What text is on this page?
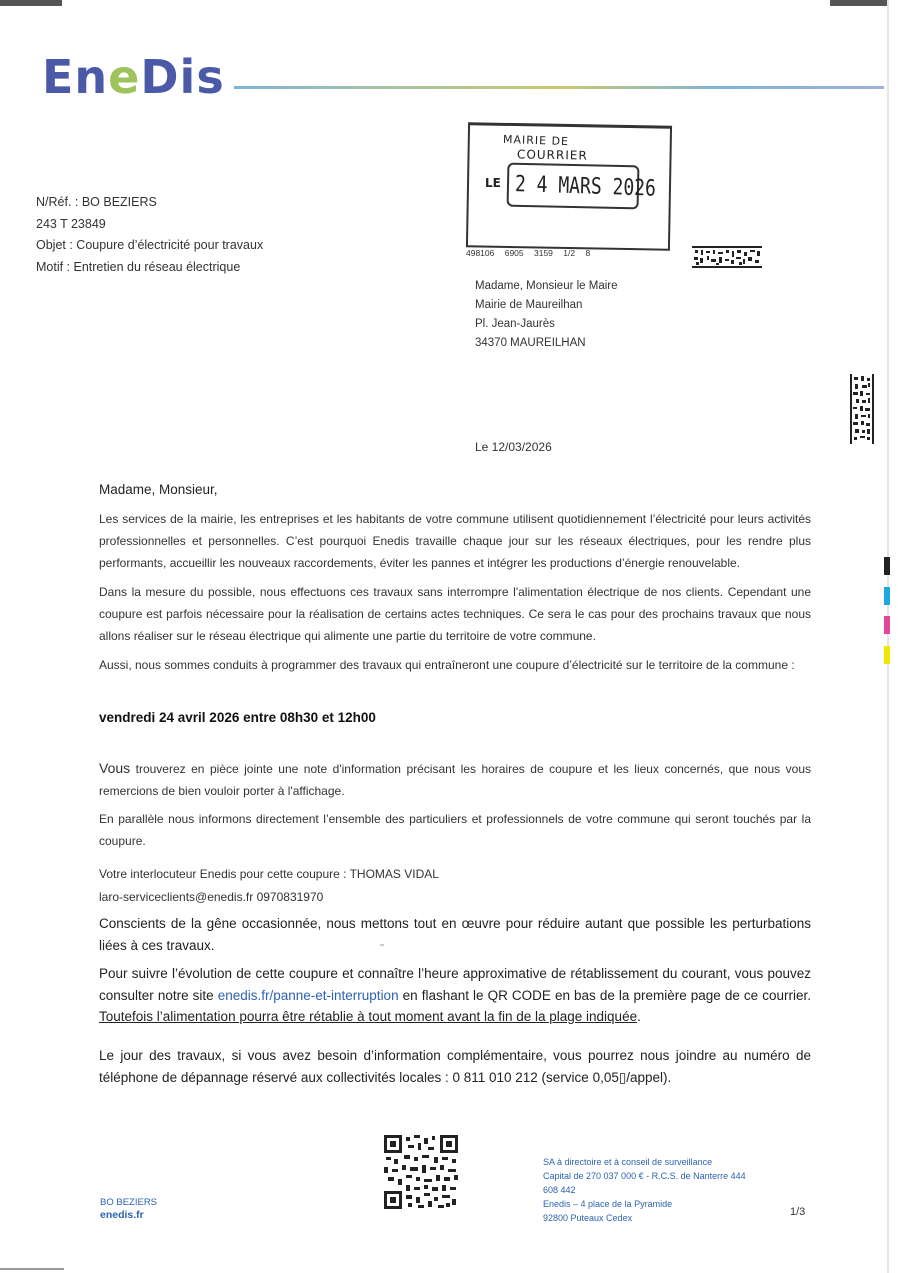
EneDis
N/Réf. : BO BEZIERS
243 T 23849
Objet : Coupure d’électricité pour travaux
Motif : Entretien du réseau électrique
MAIRIE DE
COURRIER
LE 2 4 MARS 2026
498106 6905 3159 1/2 8
Madame, Monsieur le Maire
Mairie de Maureilhan
Pl. Jean-Jaurès
34370 MAUREILHAN
Le 12/03/2026
Madame, Monsieur,
Les services de la mairie, les entreprises et les habitants de votre commune utilisent quotidiennement l’électricité pour leurs activités professionnelles et personnelles. C’est pourquoi Enedis travaille chaque jour sur les réseaux électriques, pour les rendre plus performants, accueillir les nouveaux raccordements, éviter les pannes et intégrer les productions d’énergie renouvelable.
Dans la mesure du possible, nous effectuons ces travaux sans interrompre l'alimentation électrique de nos clients. Cependant une coupure est parfois nécessaire pour la réalisation de certains actes techniques. Ce sera le cas pour des prochains travaux que nous allons réaliser sur le réseau électrique qui alimente une partie du territoire de votre commune.
Aussi, nous sommes conduits à programmer des travaux qui entraîneront une coupure d’électricité sur le territoire de la commune :
vendredi 24 avril 2026 entre 08h30 et 12h00
Vous trouverez en pièce jointe une note d'information précisant les horaires de coupure et les lieux concernés, que nous vous remercions de bien vouloir porter à l'affichage.
En parallèle nous informons directement l’ensemble des particuliers et professionnels de votre commune qui seront touchés par la coupure.
Votre interlocuteur Enedis pour cette coupure : THOMAS VIDAL
laro-serviceclients@enedis.fr 0970831970
Conscients de la gêne occasionnée, nous mettons tout en œuvre pour réduire autant que possible les perturbations liées à ces travaux.
Pour suivre l’évolution de cette coupure et connaître l’heure approximative de rétablissement du courant, vous pouvez consulter notre site enedis.fr/panne-et-interruption en flashant le QR CODE en bas de la première page de ce courrier. Toutefois l’alimentation pourra être rétablie à tout moment avant la fin de la plage indiquée.
Le jour des travaux, si vous avez besoin d’information complémentaire, vous pourrez nous joindre au numéro de téléphone de dépannage réservé aux collectivités locales : 0 811 010 212 (service 0,05▯/appel).
BO BEZIERS
enedis.fr
SA à directoire et à conseil de surveillance
Capital de 270 037 000 € - R.C.S. de Nanterre 444
608 442
Enedis – 4 place de la Pyramide
92800 Puteaux Cedex	1/3
